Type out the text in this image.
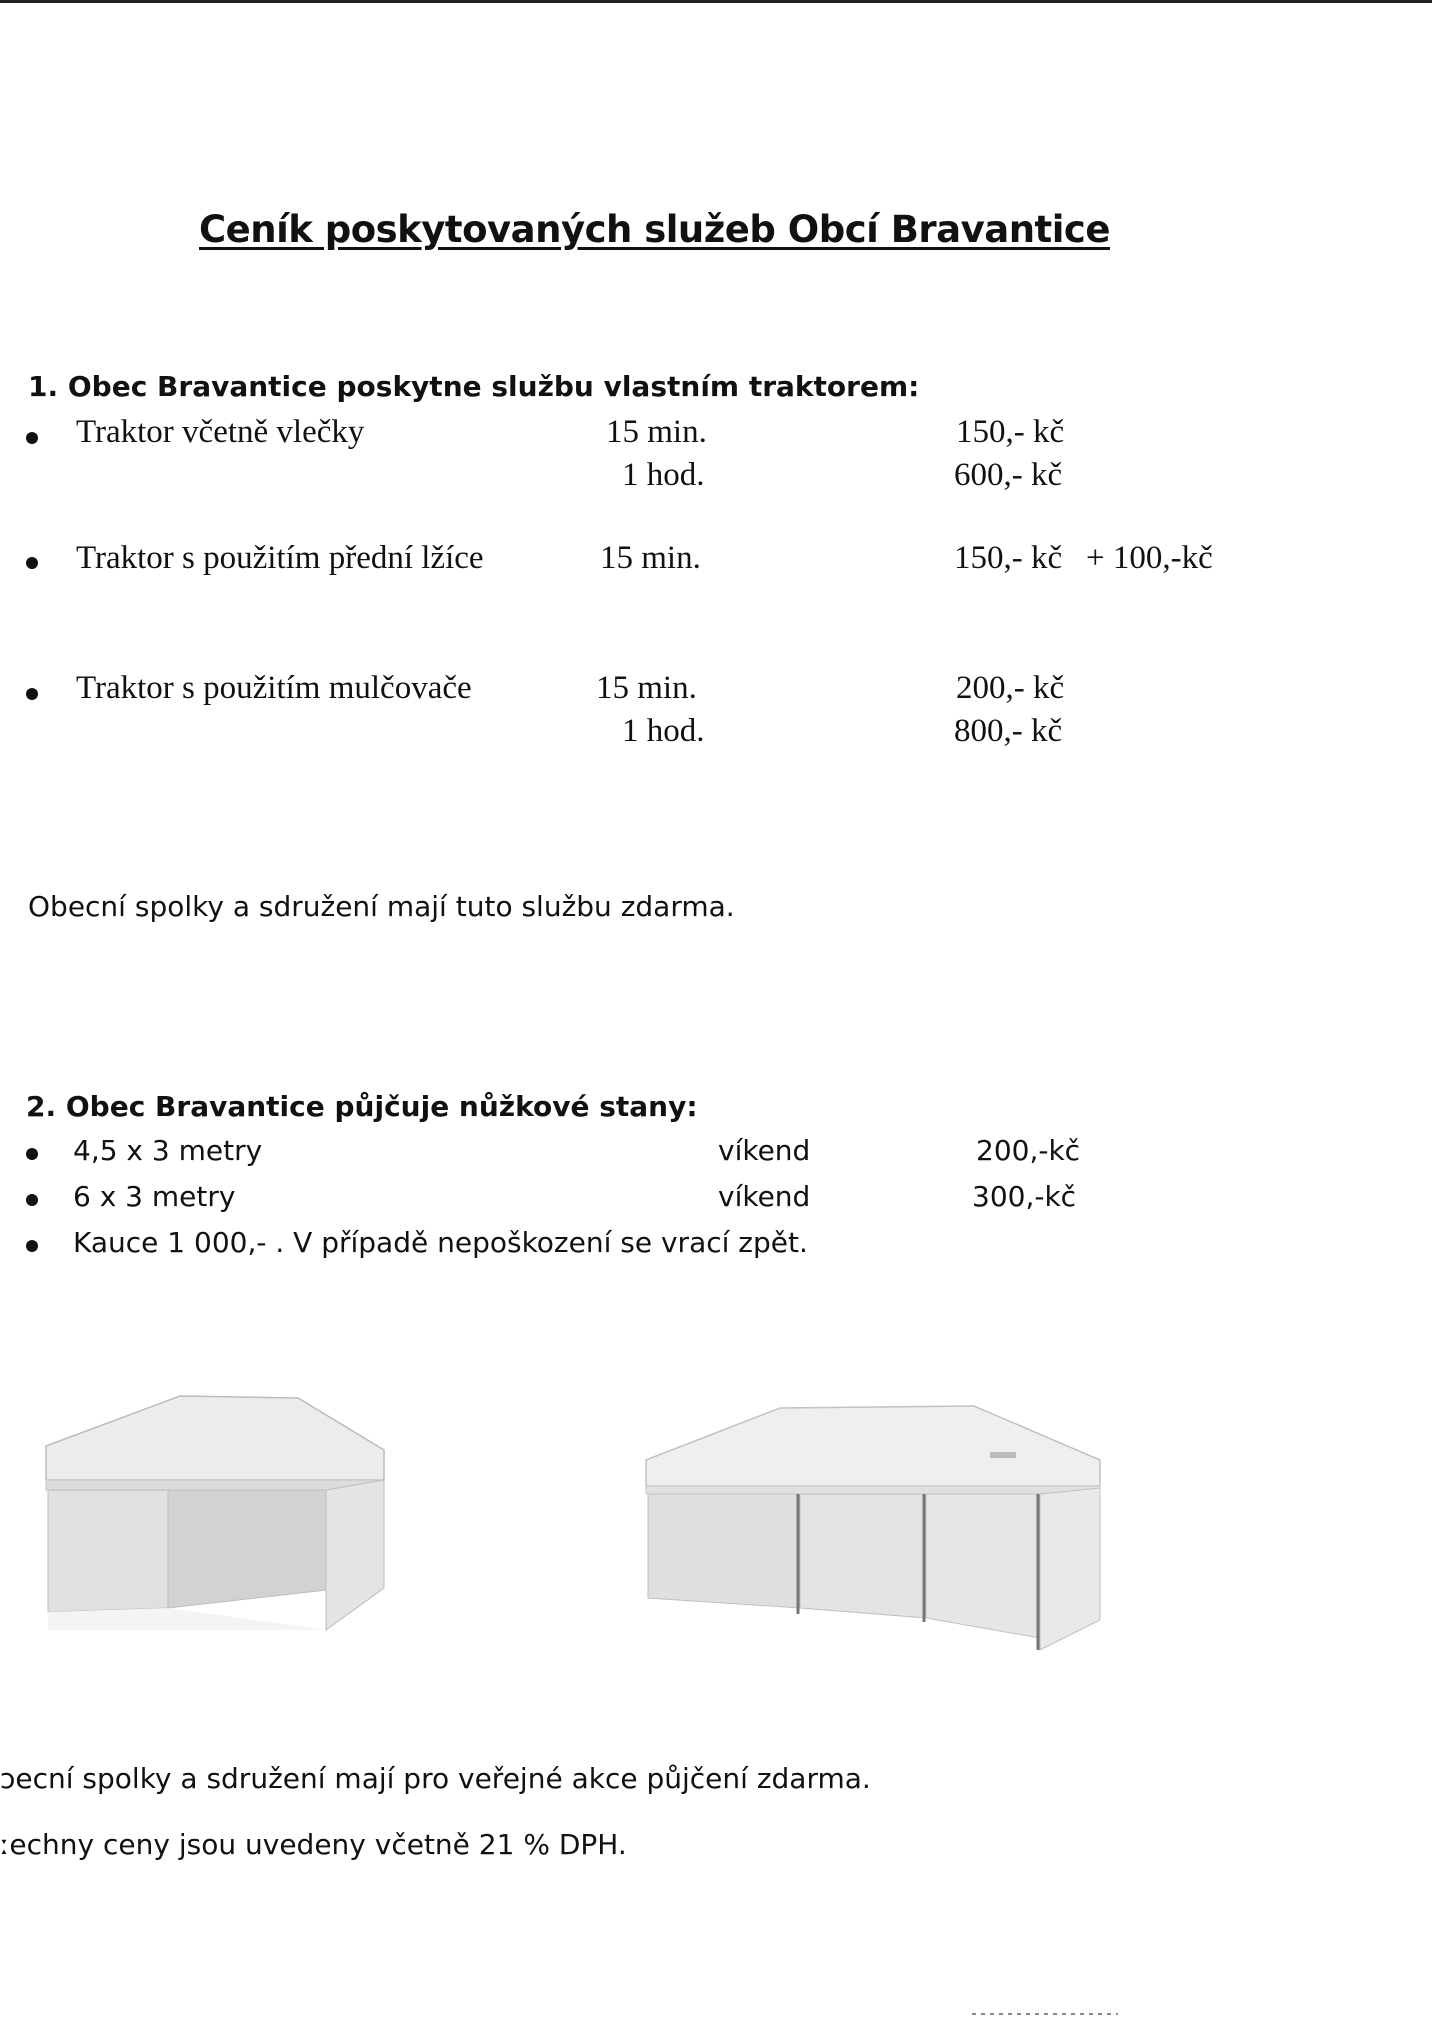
Ceník poskytovaných služeb Obcí Bravantice
1. Obec Bravantice poskytne službu vlastním traktorem:
Traktor včetně vlečky	15 min.	150,- kč
1 hod.	600,- kč
Traktor s použitím přední lžíce	15 min.	150,- kč + 100,-kč
Traktor s použitím mulčovače	15 min.	200,- kč
1 hod.	800,- kč
Obecní spolky a sdružení mají tuto službu zdarma.
2. Obec Bravantice půjčuje nůžkové stany:
4,5 x 3 metry	víkend	200,-kč
6 x 3 metry	víkend	300,-kč
Kauce 1 000,- . V případě nepoškození se vrací zpět.
ɔecní spolky a sdružení mají pro veřejné akce půjčení zdarma.
ːechny ceny jsou uvedeny včetně 21 % DPH.
